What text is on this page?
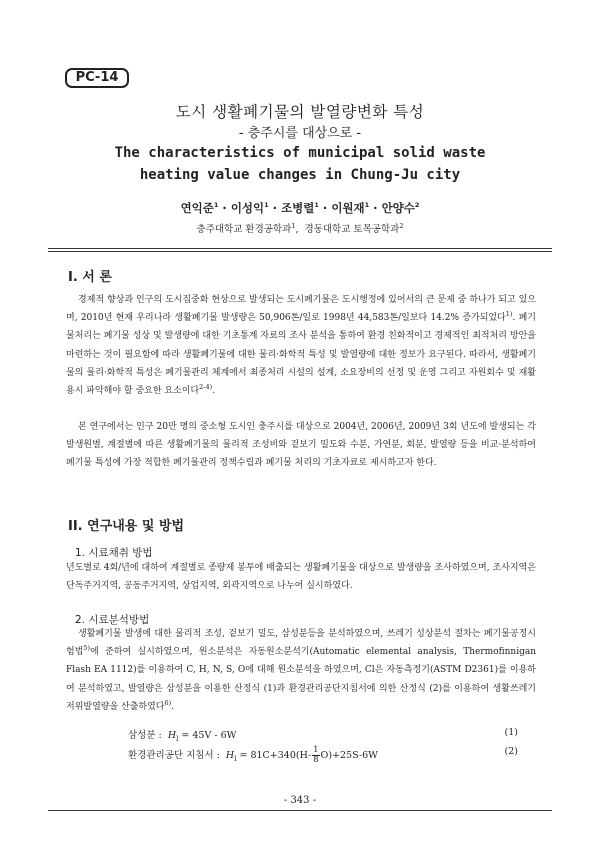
PC-14
도시 생활폐기물의 발열량변화 특성
- 충주시를 대상으로 -
The characteristics of municipal solid waste
heating value changes in Chung-Ju city
연익준$^1$ · 이성익$^1$ · 조병렬$^1$ · 이원재$^1$ · 안양수$^2$
충주대학교 환경공학과$^1$,  경동대학교 토목공학과$^2$
I. 서 론

경제적 향상과 인구의 도시집중화 현상으로 발생되는 도시폐기물은 도시행정에 있어서의 큰 문제 중 하나가 되고 있으며, 2010년 현재 우리나라 생활폐기물 발생량은 50,906톤/일로 1998년 44,583톤/일보다 14.2% 증가되었다$^{1)}$. 폐기물처리는 폐기물 성상 및 발생량에 대한 기초통계 자료의 조사 분석을 통하여 환경 친화적이고 경제적인 최적처리 방안을 마련하는 것이 필요함에 따라 생활폐기물에 대한 물리·화학적 특성 및 발열량에 대한 정보가 요구된다. 따라서, 생활폐기물의 물리·화학적 특성은 폐기물관리 체계에서 최종처리 시설의 설계, 소요장비의 선정 및 운영 그리고 자원회수 및 재활용시 파악해야 할 중요한 요소이다$^{2-4)}$.

본 연구에서는 인구 20만 명의 중소형 도시인 충주시를 대상으로 2004년, 2006년, 2009년 3회 년도에 발생되는 각 발생원별, 계절별에 따른 생활폐기물의 물리적 조성비와 겉보기 밀도와 수분, 가연분, 회분, 발열량 등을 비교·분석하여 폐기물 특성에 가장 적합한 폐기물관리 정책수립과 폐기물 처리의 기초자료로 제시하고자 한다.

II. 연구내용 및 방법
1. 시료채취 방법

년도별로 4회/년에 대하여 계절별로 종량제 봉투에 배출되는 생활폐기물을 대상으로 발생량을 조사하였으며, 조사지역은 단독주거지역, 공동주거지역, 상업지역, 외곽지역으로 나누어 실시하였다.

2. 시료분석방법

생활폐기물 발생에 대한 물리적 조성, 겉보기 밀도, 삼성분등을 분석하였으며, 쓰레기 성상분석 절차는 폐기물공정시험법$^{5)}$에 준하여 실시하였으며, 원소분석은 자동원소분석기(Automatic elemental analysis, Thermofinnigan Flash EA 1112)를 이용하여 C, H, N, S, O에 대해 원소분석을 하였으며, Cl은 자동측정기(ASTM D2361)를 이용하여 분석하였고, 발열량은 삼성분을 이용한 산정식 (1)과 환경관리공단지침서에 의한 산정식 (2)를 이용하여 생활쓰레기 저위발열량을 산출하였다$^{6)}$.

삼성분 : $H_l = 45V - 6W$	(1)
환경관리공단 지침서 : $H_l = 81C+340(H- \frac{1}{8} O)+25S-6W$	(2)
- 343 -
